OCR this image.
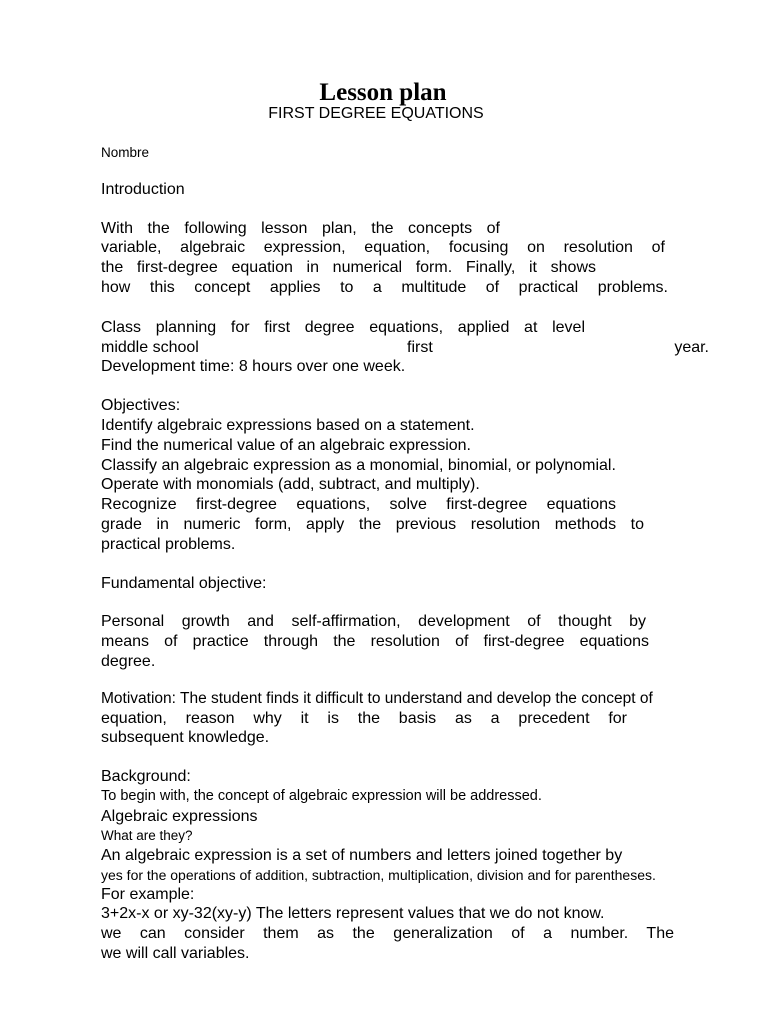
Lesson plan
FIRST DEGREE EQUATIONS
Nombre
Introduction
With the following lesson plan, the concepts of
variable, algebraic expression, equation, focusing on resolution of
the first-degree equation in numerical form. Finally, it shows
how this concept applies to a multitude of practical problems.
Class planning for first degree equations, applied at level
middle school	first	year.
Development time: 8 hours over one week.
Objectives:
Identify algebraic expressions based on a statement.
Find the numerical value of an algebraic expression.
Classify an algebraic expression as a monomial, binomial, or polynomial.
Operate with monomials (add, subtract, and multiply).
Recognize first-degree equations, solve first-degree equations
grade in numeric form, apply the previous resolution methods to
practical problems.
Fundamental objective:
Personal growth and self-affirmation, development of thought by
means of practice through the resolution of first-degree equations
degree.
Motivation: The student finds it difficult to understand and develop the concept of
equation, reason why it is the basis as a precedent for
subsequent knowledge.
Background:
To begin with, the concept of algebraic expression will be addressed.
Algebraic expressions
What are they?
An algebraic expression is a set of numbers and letters joined together by
yes for the operations of addition, subtraction, multiplication, division and for parentheses.
For example:
3+2x-x or xy-32(xy-y) The letters represent values that we do not know.
we can consider them as the generalization of a number. The
we will call variables.
